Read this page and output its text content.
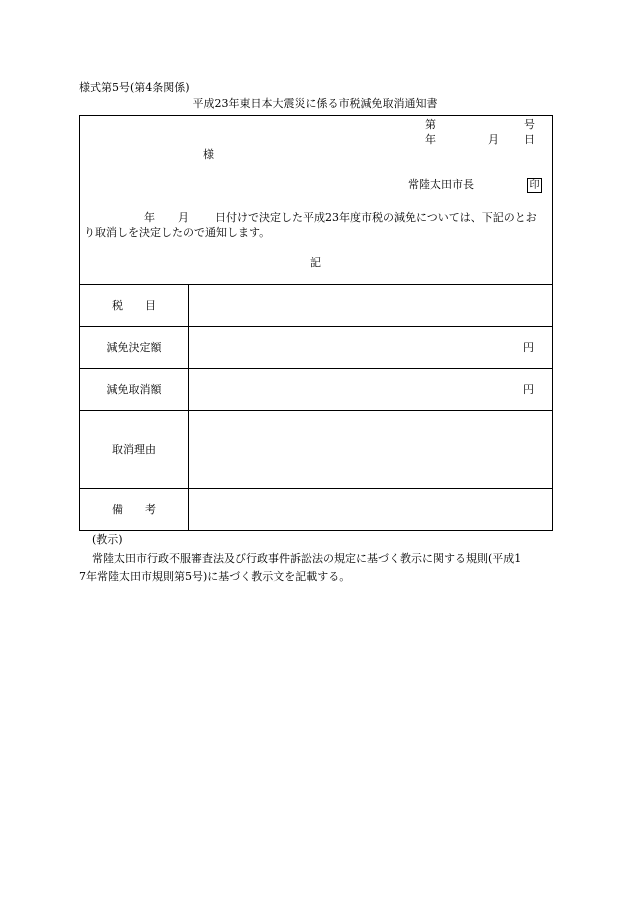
様式第5号(第4条関係)
平成23年東日本大震災に係る市税減免取消通知書
第	号
年	月 日
様
常陸太田市長	印
年 月 日付けで決定した平成23年度市税の減免については、下記のとお
り取消しを決定したので通知します。
記
税　　目
減免決定額	円
減免取消額	円
取消理由
備　　考
(教示)
常陸太田市行政不服審査法及び行政事件訴訟法の規定に基づく教示に関する規則(平成1
7年常陸太田市規則第5号)に基づく教示文を記載する。
